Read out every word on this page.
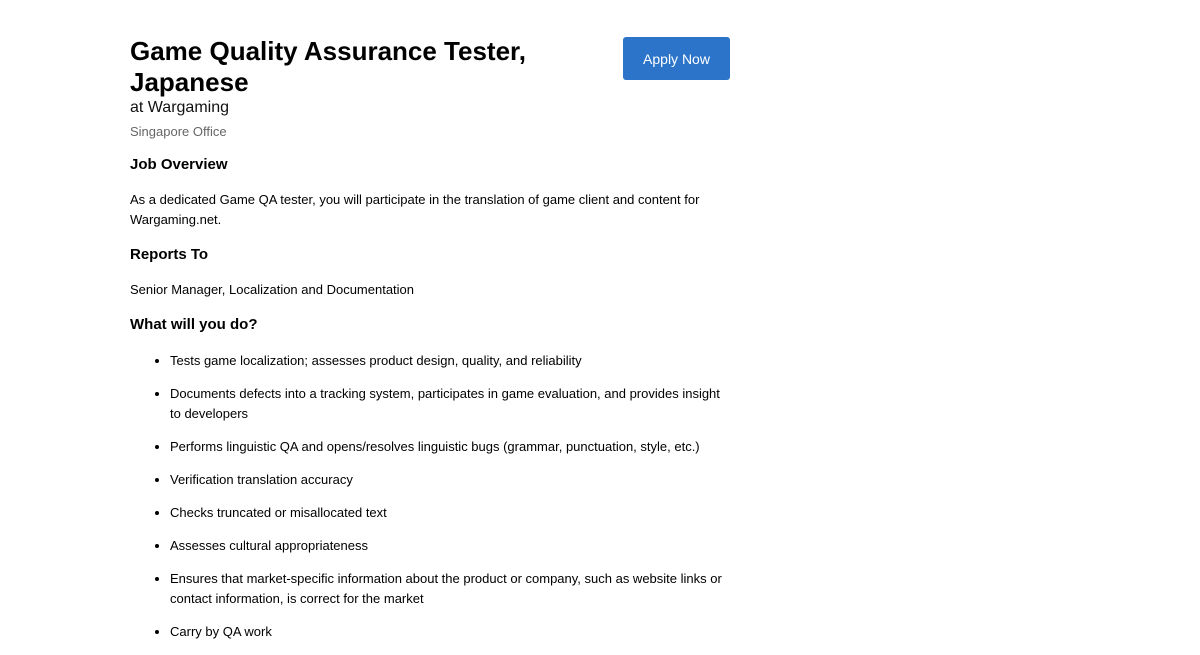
Game Quality Assurance Tester, Japanese

at Wargaming

Singapore Office

Apply Now
Job Overview

As a dedicated Game QA tester, you will participate in the translation of game client and content for Wargaming.net.

Reports To

Senior Manager, Localization and Documentation

What will you do?
• Tests game localization; assesses product design, quality, and reliability
• Documents defects into a tracking system, participates in game evaluation, and provides insight to developers
• Performs linguistic QA and opens/resolves linguistic bugs (grammar, punctuation, style, etc.)
• Verification translation accuracy
• Checks truncated or misallocated text
• Assesses cultural appropriateness
• Ensures that market-specific information about the product or company, such as website links or contact information, is correct for the market
• Carry by QA work
